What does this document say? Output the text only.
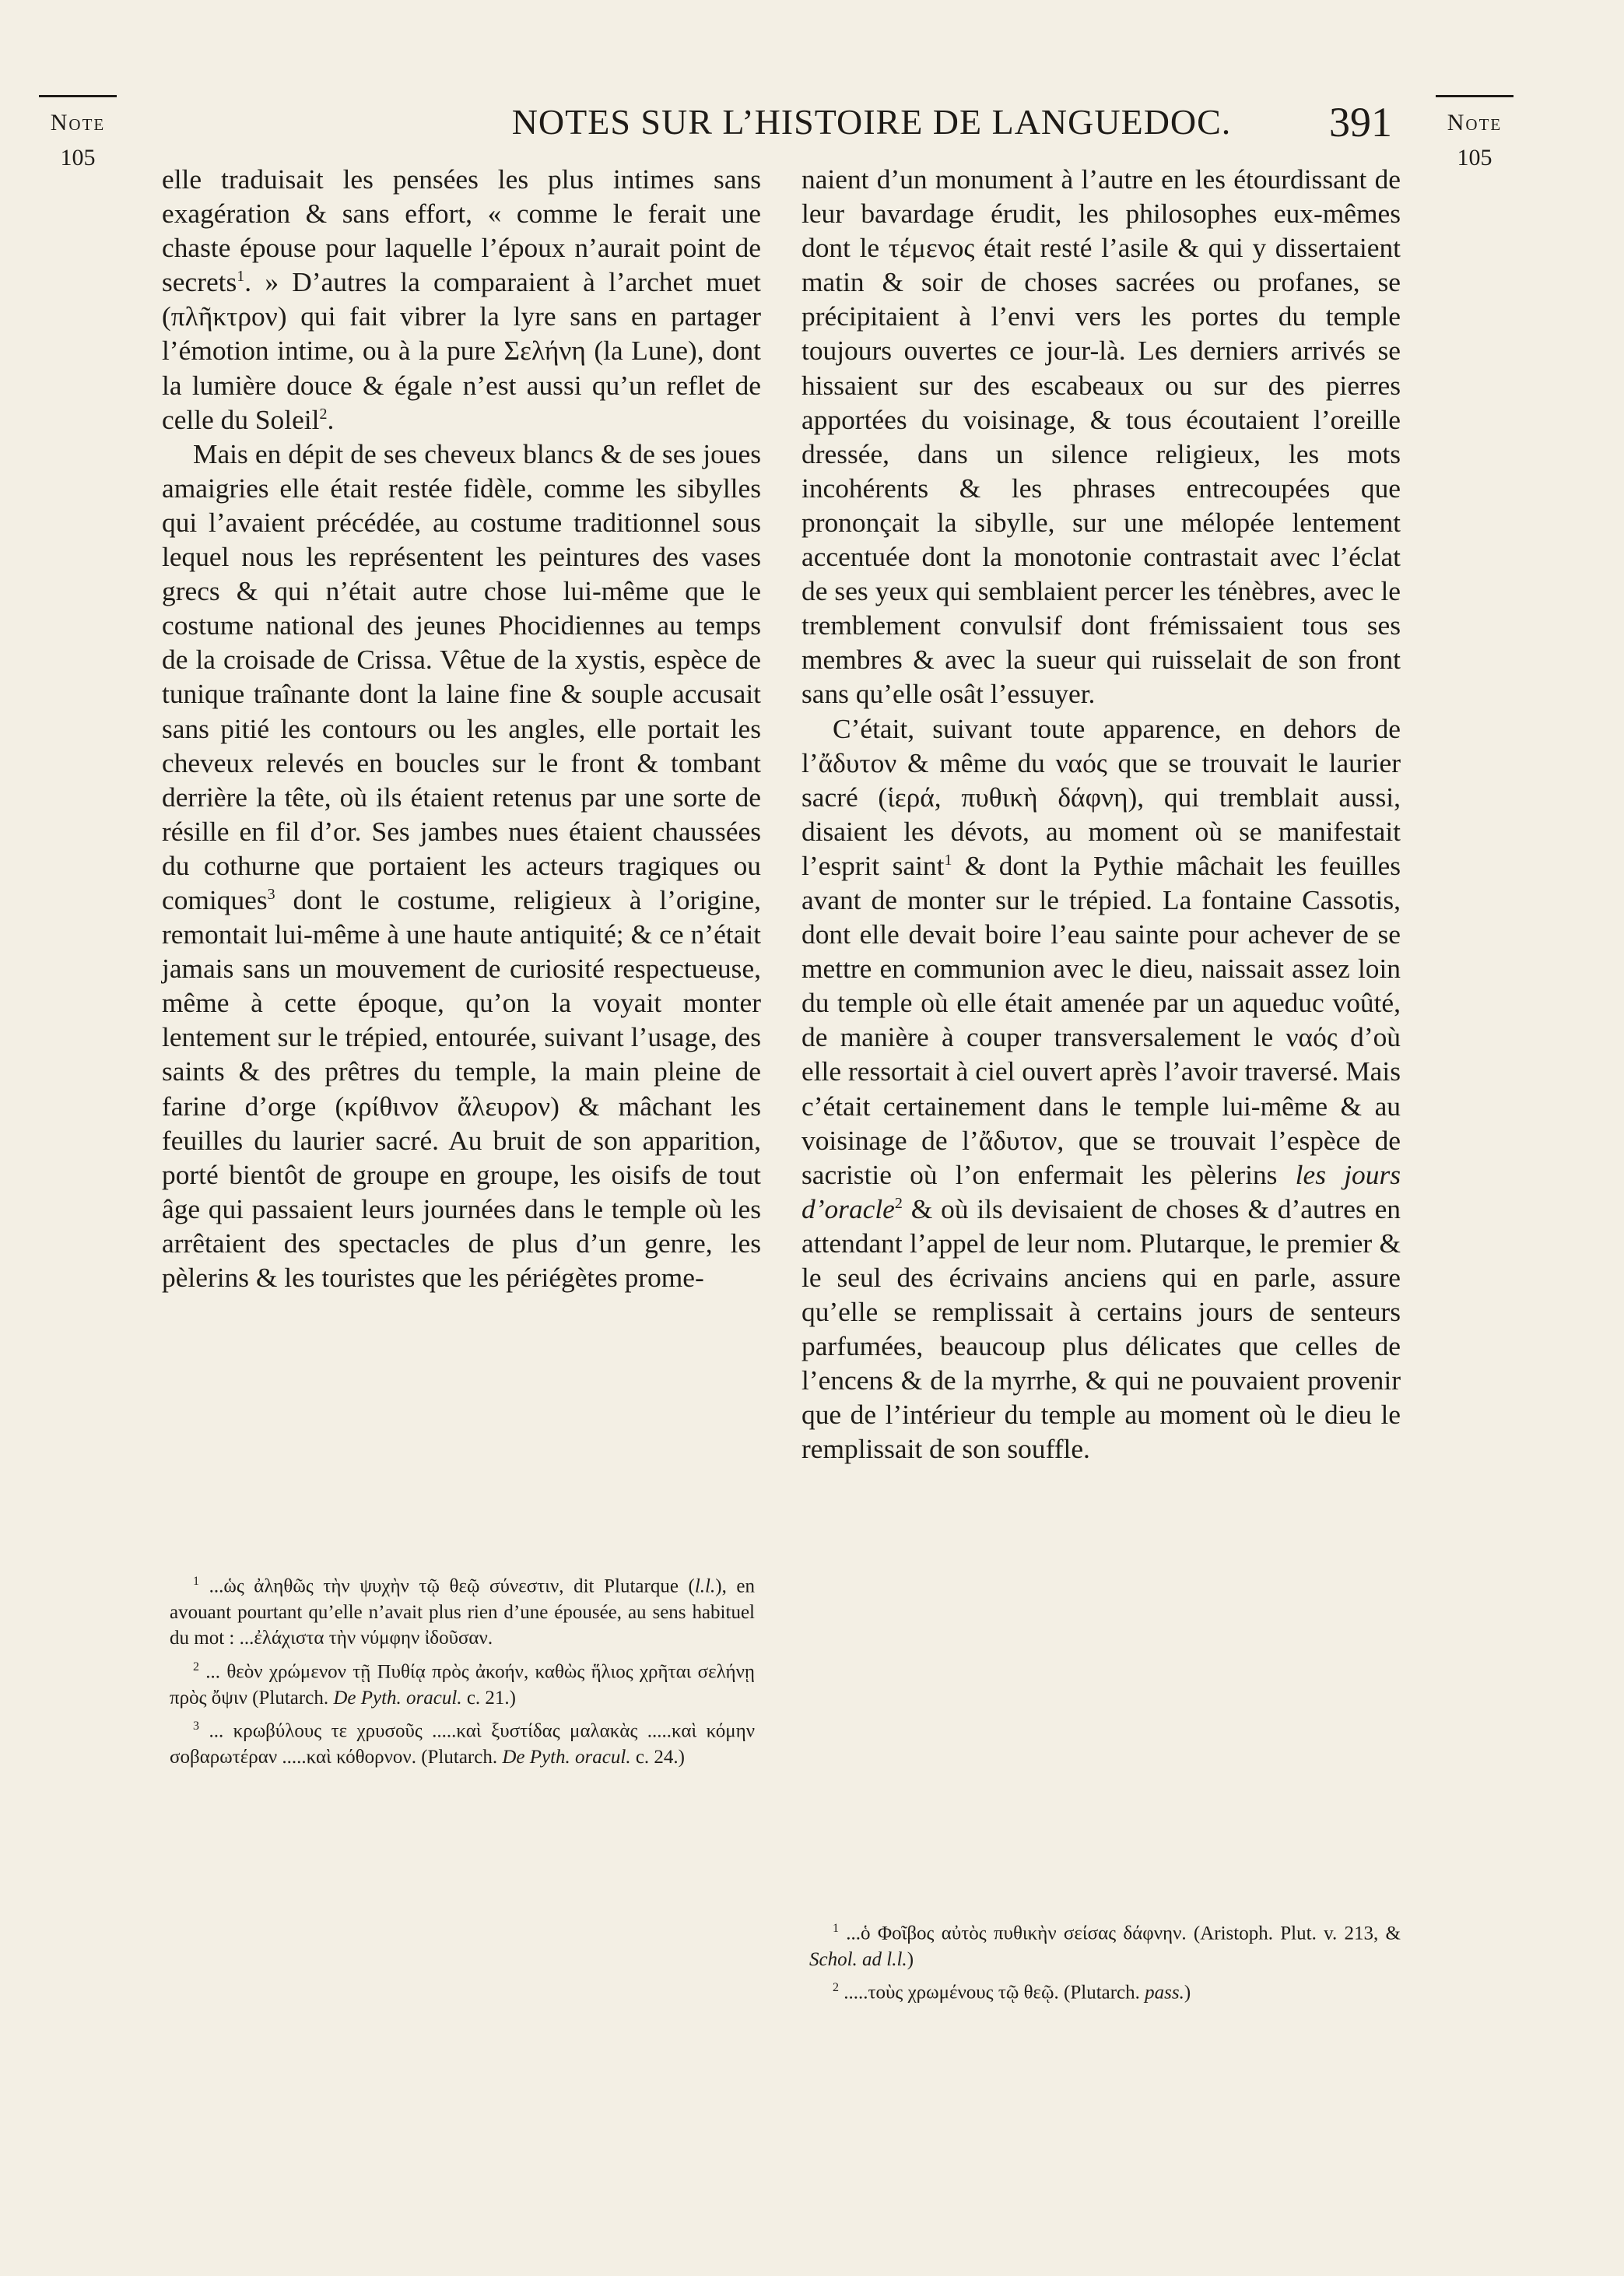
Note
105
NOTES SUR L’HISTOIRE DE LANGUEDOC.	391	Note
105

elle traduisait les pensées les plus intimes sans exagération & sans effort, « comme le ferait une chaste épouse pour laquelle l’époux n’aurait point de secrets$^1$. » D’autres la comparaient à l’archet muet (πλῆκτρον) qui fait vibrer la lyre sans en partager l’émotion intime, ou à la pure Σελήνη (la Lune), dont la lumière douce & égale n’est aussi qu’un reflet de celle du Soleil$^2$.

Mais en dépit de ses cheveux blancs & de ses joues amaigries elle était restée fidèle, comme les sibylles qui l’avaient précédée, au costume traditionnel sous lequel nous les représentent les peintures des vases grecs & qui n’était autre chose lui-même que le costume national des jeunes Phocidiennes au temps de la croisade de Crissa. Vêtue de la xystis, espèce de tunique traînante dont la laine fine & souple accusait sans pitié les contours ou les angles, elle portait les cheveux relevés en boucles sur le front & tombant derrière la tête, où ils étaient retenus par une sorte de résille en fil d’or. Ses jambes nues étaient chaussées du cothurne que portaient les acteurs tragiques ou comiques$^3$ dont le costume, religieux à l’origine, remontait lui-même à une haute antiquité; & ce n’était jamais sans un mouvement de curiosité respectueuse, même à cette époque, qu’on la voyait monter lentement sur le trépied, entourée, suivant l’usage, des saints & des prêtres du temple, la main pleine de farine d’orge (κρίθινον ἄλευρον) & mâchant les feuilles du laurier sacré. Au bruit de son apparition, porté bientôt de groupe en groupe, les oisifs de tout âge qui passaient leurs journées dans le temple où les arrêtaient des spectacles de plus d’un genre, les pèlerins & les touristes que les périégètes prome-

naient d’un monument à l’autre en les étourdissant de leur bavardage érudit, les philosophes eux-mêmes dont le τέμενος était resté l’asile & qui y dissertaient matin & soir de choses sacrées ou profanes, se précipitaient à l’envi vers les portes du temple toujours ouvertes ce jour-là. Les derniers arrivés se hissaient sur des escabeaux ou sur des pierres apportées du voisinage, & tous écoutaient l’oreille dressée, dans un silence religieux, les mots incohérents & les phrases entrecoupées que prononçait la sibylle, sur une mélopée lentement accentuée dont la monotonie contrastait avec l’éclat de ses yeux qui semblaient percer les ténèbres, avec le tremblement convulsif dont frémissaient tous ses membres & avec la sueur qui ruisselait de son front sans qu’elle osât l’essuyer.

C’était, suivant toute apparence, en dehors de l’ἄδυτον & même du ναός que se trouvait le laurier sacré (ἱερά, πυθικὴ δάφνη), qui tremblait aussi, disaient les dévots, au moment où se manifestait l’esprit saint$^1$ & dont la Pythie mâchait les feuilles avant de monter sur le trépied. La fontaine Cassotis, dont elle devait boire l’eau sainte pour achever de se mettre en communion avec le dieu, naissait assez loin du temple où elle était amenée par un aqueduc voûté, de manière à couper transversalement le ναός d’où elle ressortait à ciel ouvert après l’avoir traversé. Mais c’était certainement dans le temple lui-même & au voisinage de l’ἄδυτον, que se trouvait l’espèce de sacristie où l’on enfermait les pèlerins les jours d’oracle$^2$ & où ils devisaient de choses & d’autres en attendant l’appel de leur nom. Plutarque, le premier & le seul des écrivains anciens qui en parle, assure qu’elle se remplissait à certains jours de senteurs parfumées, beaucoup plus délicates que celles de l’encens & de la myrrhe, & qui ne pouvaient provenir que de l’intérieur du temple au moment où le dieu le remplissait de son souffle.

$^1$ ...ὡς ἀληθῶς τὴν ψυχὴν τῷ θεῷ σύνεστιν, dit Plutarque (l.l.), en avouant pourtant qu’elle n’avait plus rien d’une épousée, au sens habituel du mot : ...ἐλάχιστα τὴν νύμφην ἰδοῦσαν.

$^2$ ... θεὸν χρώμενον τῇ Πυθίᾳ πρὸς ἀκοήν, καθὼς ἥλιος χρῆται σελήνῃ πρὸς ὄψιν (Plutarch. De Pyth. oracul. c. 21.)

$^3$ ... κρωβύλους τε χρυσοῦς .....καὶ ξυστίδας μαλακὰς .....καὶ κόμην σοβαρωτέραν .....καὶ κόθορνον. (Plutarch. De Pyth. oracul. c. 24.)

$^1$ ...ὁ Φοῖβος αὐτὸς πυθικὴν σείσας δάφνην. (Aristoph. Plut. v. 213, & Schol. ad l.l.)

$^2$ .....τοὺς χρωμένους τῷ θεῷ. (Plutarch. pass.)
